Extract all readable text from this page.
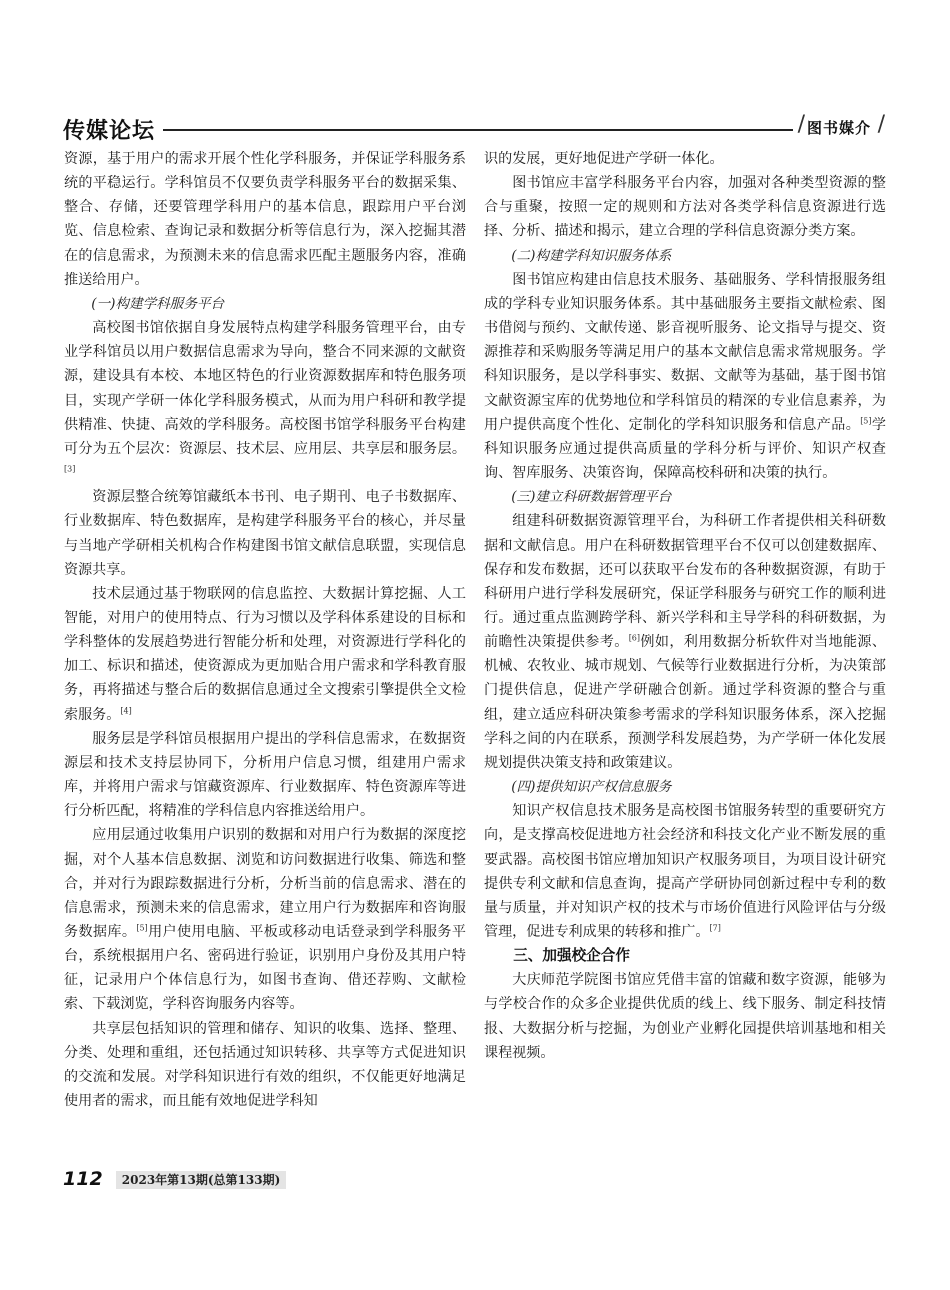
传媒论坛	/ 图书媒介 /

资源，基于用户的需求开展个性化学科服务，并保证学科服务系统的平稳运行。学科馆员不仅要负责学科服务平台的数据采集、整合、存储，还要管理学科用户的基本信息，跟踪用户平台浏览、信息检索、查询记录和数据分析等信息行为，深入挖掘其潜在的信息需求，为预测未来的信息需求匹配主题服务内容，准确推送给用户。

(一)构建学科服务平台

高校图书馆依据自身发展特点构建学科服务管理平台，由专业学科馆员以用户数据信息需求为导向，整合不同来源的文献资源，建设具有本校、本地区特色的行业资源数据库和特色服务项目，实现产学研一体化学科服务模式，从而为用户科研和教学提供精准、快捷、高效的学科服务。高校图书馆学科服务平台构建可分为五个层次：资源层、技术层、应用层、共享层和服务层。[3]

资源层整合统筹馆藏纸本书刊、电子期刊、电子书数据库、行业数据库、特色数据库，是构建学科服务平台的核心，并尽量与当地产学研相关机构合作构建图书馆文献信息联盟，实现信息资源共享。

技术层通过基于物联网的信息监控、大数据计算挖掘、人工智能，对用户的使用特点、行为习惯以及学科体系建设的目标和学科整体的发展趋势进行智能分析和处理，对资源进行学科化的加工、标识和描述，使资源成为更加贴合用户需求和学科教育服务，再将描述与整合后的数据信息通过全文搜索引擎提供全文检索服务。[4]

服务层是学科馆员根据用户提出的学科信息需求，在数据资源层和技术支持层协同下，分析用户信息习惯，组建用户需求库，并将用户需求与馆藏资源库、行业数据库、特色资源库等进行分析匹配，将精准的学科信息内容推送给用户。

应用层通过收集用户识别的数据和对用户行为数据的深度挖掘，对个人基本信息数据、浏览和访问数据进行收集、筛选和整合，并对行为跟踪数据进行分析，分析当前的信息需求、潜在的信息需求，预测未来的信息需求，建立用户行为数据库和咨询服务数据库。[5]用户使用电脑、平板或移动电话登录到学科服务平台，系统根据用户名、密码进行验证，识别用户身份及其用户特征，记录用户个体信息行为，如图书查询、借还荐购、文献检索、下载浏览，学科咨询服务内容等。

共享层包括知识的管理和储存、知识的收集、选择、整理、分类、处理和重组，还包括通过知识转移、共享等方式促进知识的交流和发展。对学科知识进行有效的组织，不仅能更好地满足使用者的需求，而且能有效地促进学科知

识的发展，更好地促进产学研一体化。

图书馆应丰富学科服务平台内容，加强对各种类型资源的整合与重聚，按照一定的规则和方法对各类学科信息资源进行选择、分析、描述和揭示，建立合理的学科信息资源分类方案。

(二)构建学科知识服务体系

图书馆应构建由信息技术服务、基础服务、学科情报服务组成的学科专业知识服务体系。其中基础服务主要指文献检索、图书借阅与预约、文献传递、影音视听服务、论文指导与提交、资源推荐和采购服务等满足用户的基本文献信息需求常规服务。学科知识服务，是以学科事实、数据、文献等为基础，基于图书馆文献资源宝库的优势地位和学科馆员的精深的专业信息素养，为用户提供高度个性化、定制化的学科知识服务和信息产品。[5]学科知识服务应通过提供高质量的学科分析与评价、知识产权查询、智库服务、决策咨询，保障高校科研和决策的执行。

(三)建立科研数据管理平台

组建科研数据资源管理平台，为科研工作者提供相关科研数据和文献信息。用户在科研数据管理平台不仅可以创建数据库、保存和发布数据，还可以获取平台发布的各种数据资源，有助于科研用户进行学科发展研究，保证学科服务与研究工作的顺利进行。通过重点监测跨学科、新兴学科和主导学科的科研数据，为前瞻性决策提供参考。[6]例如，利用数据分析软件对当地能源、机械、农牧业、城市规划、气候等行业数据进行分析，为决策部门提供信息，促进产学研融合创新。通过学科资源的整合与重组，建立适应科研决策参考需求的学科知识服务体系，深入挖掘学科之间的内在联系，预测学科发展趋势，为产学研一体化发展规划提供决策支持和政策建议。

(四)提供知识产权信息服务

知识产权信息技术服务是高校图书馆服务转型的重要研究方向，是支撑高校促进地方社会经济和科技文化产业不断发展的重要武器。高校图书馆应增加知识产权服务项目，为项目设计研究提供专利文献和信息查询，提高产学研协同创新过程中专利的数量与质量，并对知识产权的技术与市场价值进行风险评估与分级管理，促进专利成果的转移和推广。[7]

三、加强校企合作

大庆师范学院图书馆应凭借丰富的馆藏和数字资源，能够为与学校合作的众多企业提供优质的线上、线下服务、制定科技情报、大数据分析与挖掘，为创业产业孵化园提供培训基地和相关课程视频。

112 2023年第13期(总第133期)
